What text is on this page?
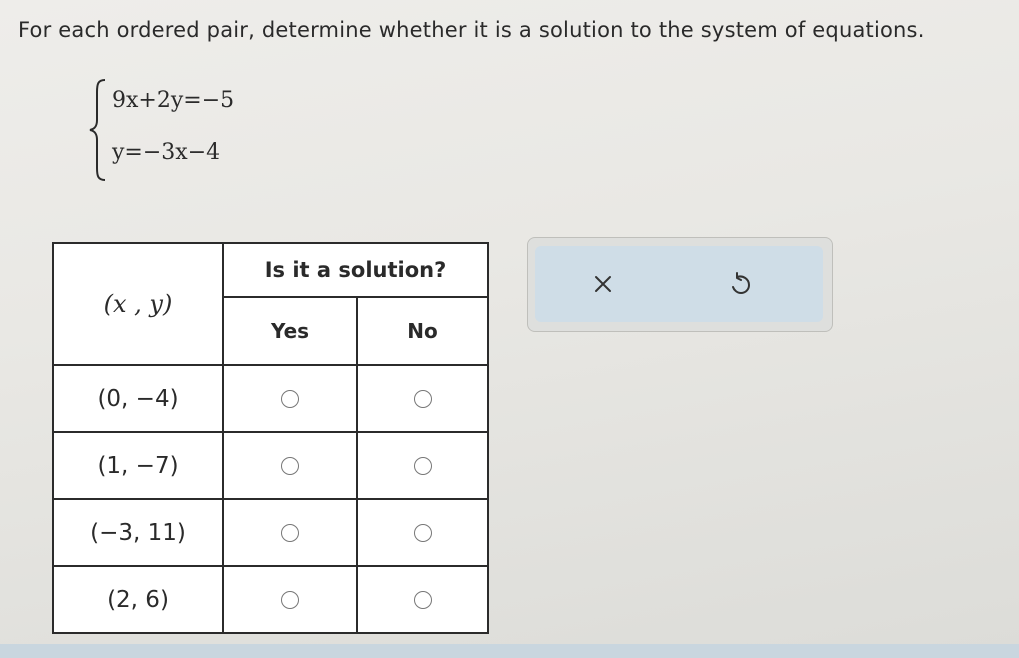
For each ordered pair, determine whether it is a solution to the system of equations.
9x+2y=−5
y=−3x−4
(x , y)	Is it a solution?	
	Yes	No
(0, −4)		
(1, −7)		
(−3, 11)		
(2, 6)		
